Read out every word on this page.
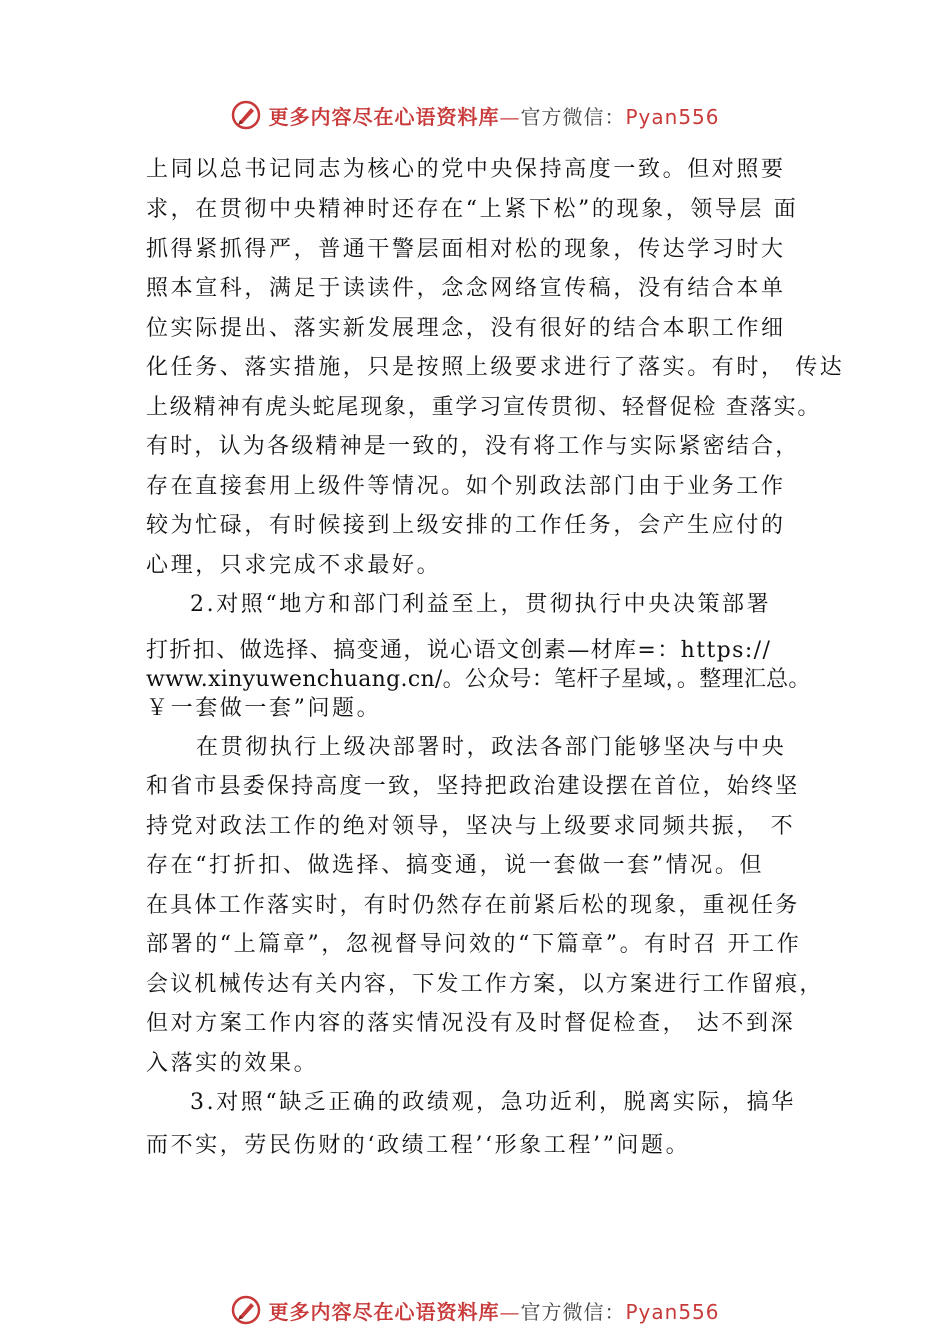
更多内容尽在心语资料库—官方微信：Pyan556
上同以总书记同志为核心的党中央保持高度一致。但对照要
求，在贯彻中央精神时还存在“上紧下松”的现象，领导层 面
抓得紧抓得严，普通干警层面相对松的现象，传达学习时大
照本宣科，满足于读读件，念念网络宣传稿，没有结合本单
位实际提出、落实新发展理念，没有很好的结合本职工作细
化任务、落实措施，只是按照上级要求进行了落实。有时， 传达
上级精神有虎头蛇尾现象，重学习宣传贯彻、轻督促检 查落实。
有时，认为各级精神是一致的，没有将工作与实际紧密结合，
存在直接套用上级件等情况。如个别政法部门由于业务工作
较为忙碌，有时候接到上级安排的工作任务，会产生应付的
心理，只求完成不求最好。
2.对照“地方和部门利益至上，贯彻执行中央决策部署
打折扣、做选择、搞变通，说心语文创素—材库=：https://
www.xinyuwenchuang.cn/。公众号：笔杆子星域，。整理汇总。
￥一套做一套”问题。
在贯彻执行上级决部署时，政法各部门能够坚决与中央
和省市县委保持高度一致，坚持把政治建设摆在首位，始终坚
持党对政法工作的绝对领导，坚决与上级要求同频共振， 不
存在“打折扣、做选择、搞变通，说一套做一套”情况。但
在具体工作落实时，有时仍然存在前紧后松的现象，重视任务
部署的“上篇章”，忽视督导问效的“下篇章”。有时召 开工作
会议机械传达有关内容，下发工作方案，以方案进行工作留痕，
但对方案工作内容的落实情况没有及时督促检查， 达不到深
入落实的效果。
3.对照“缺乏正确的政绩观，急功近利，脱离实际，搞华
而不实，劳民伤财的‘政绩工程’‘形象工程’”问题。
更多内容尽在心语资料库—官方微信：Pyan556
